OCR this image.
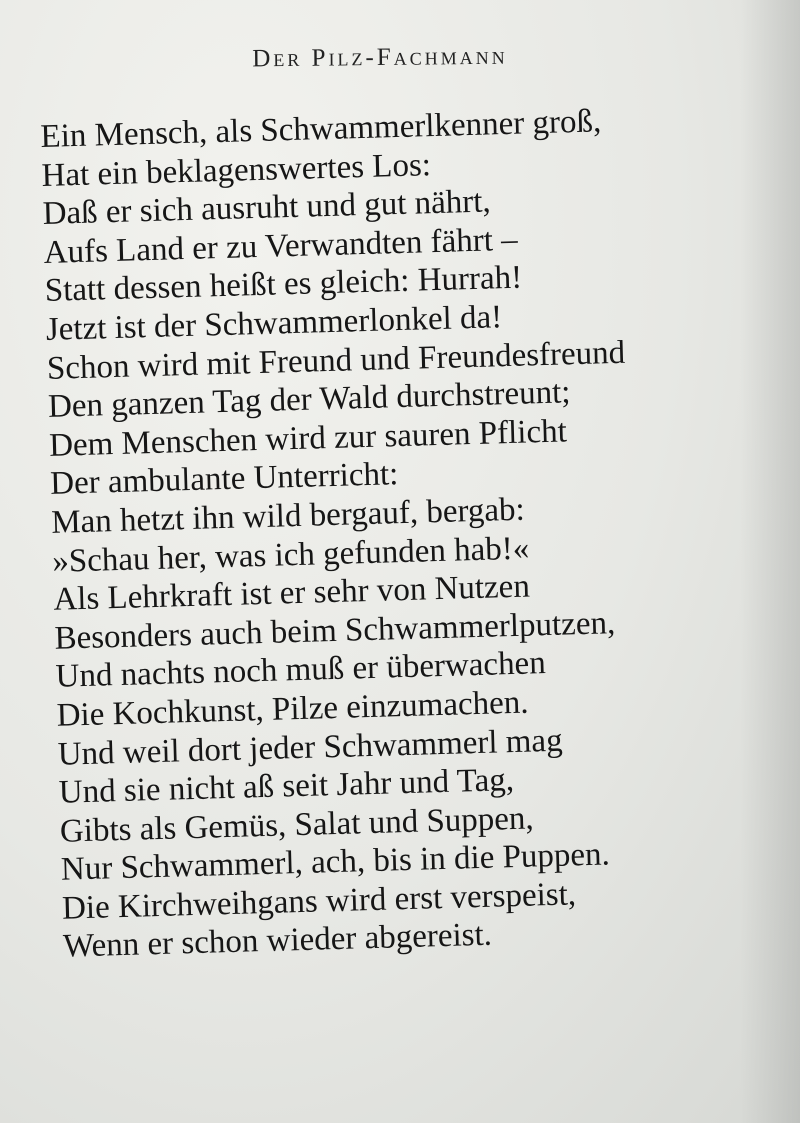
Der Pilz-Fachmann
Ein Mensch, als Schwammerlkenner groß,
Hat ein beklagenswertes Los:
Daß er sich ausruht und gut nährt,
Aufs Land er zu Verwandten fährt –
Statt dessen heißt es gleich: Hurrah!
Jetzt ist der Schwammerlonkel da!
Schon wird mit Freund und Freundesfreund
Den ganzen Tag der Wald durchstreunt;
Dem Menschen wird zur sauren Pflicht
Der ambulante Unterricht:
Man hetzt ihn wild bergauf, bergab:
»Schau her, was ich gefunden hab!«
Als Lehrkraft ist er sehr von Nutzen
Besonders auch beim Schwammerlputzen,
Und nachts noch muß er überwachen
Die Kochkunst, Pilze einzumachen.
Und weil dort jeder Schwammerl mag
Und sie nicht aß seit Jahr und Tag,
Gibts als Gemüs, Salat und Suppen,
Nur Schwammerl, ach, bis in die Puppen.
Die Kirchweihgans wird erst verspeist,
Wenn er schon wieder abgereist.
